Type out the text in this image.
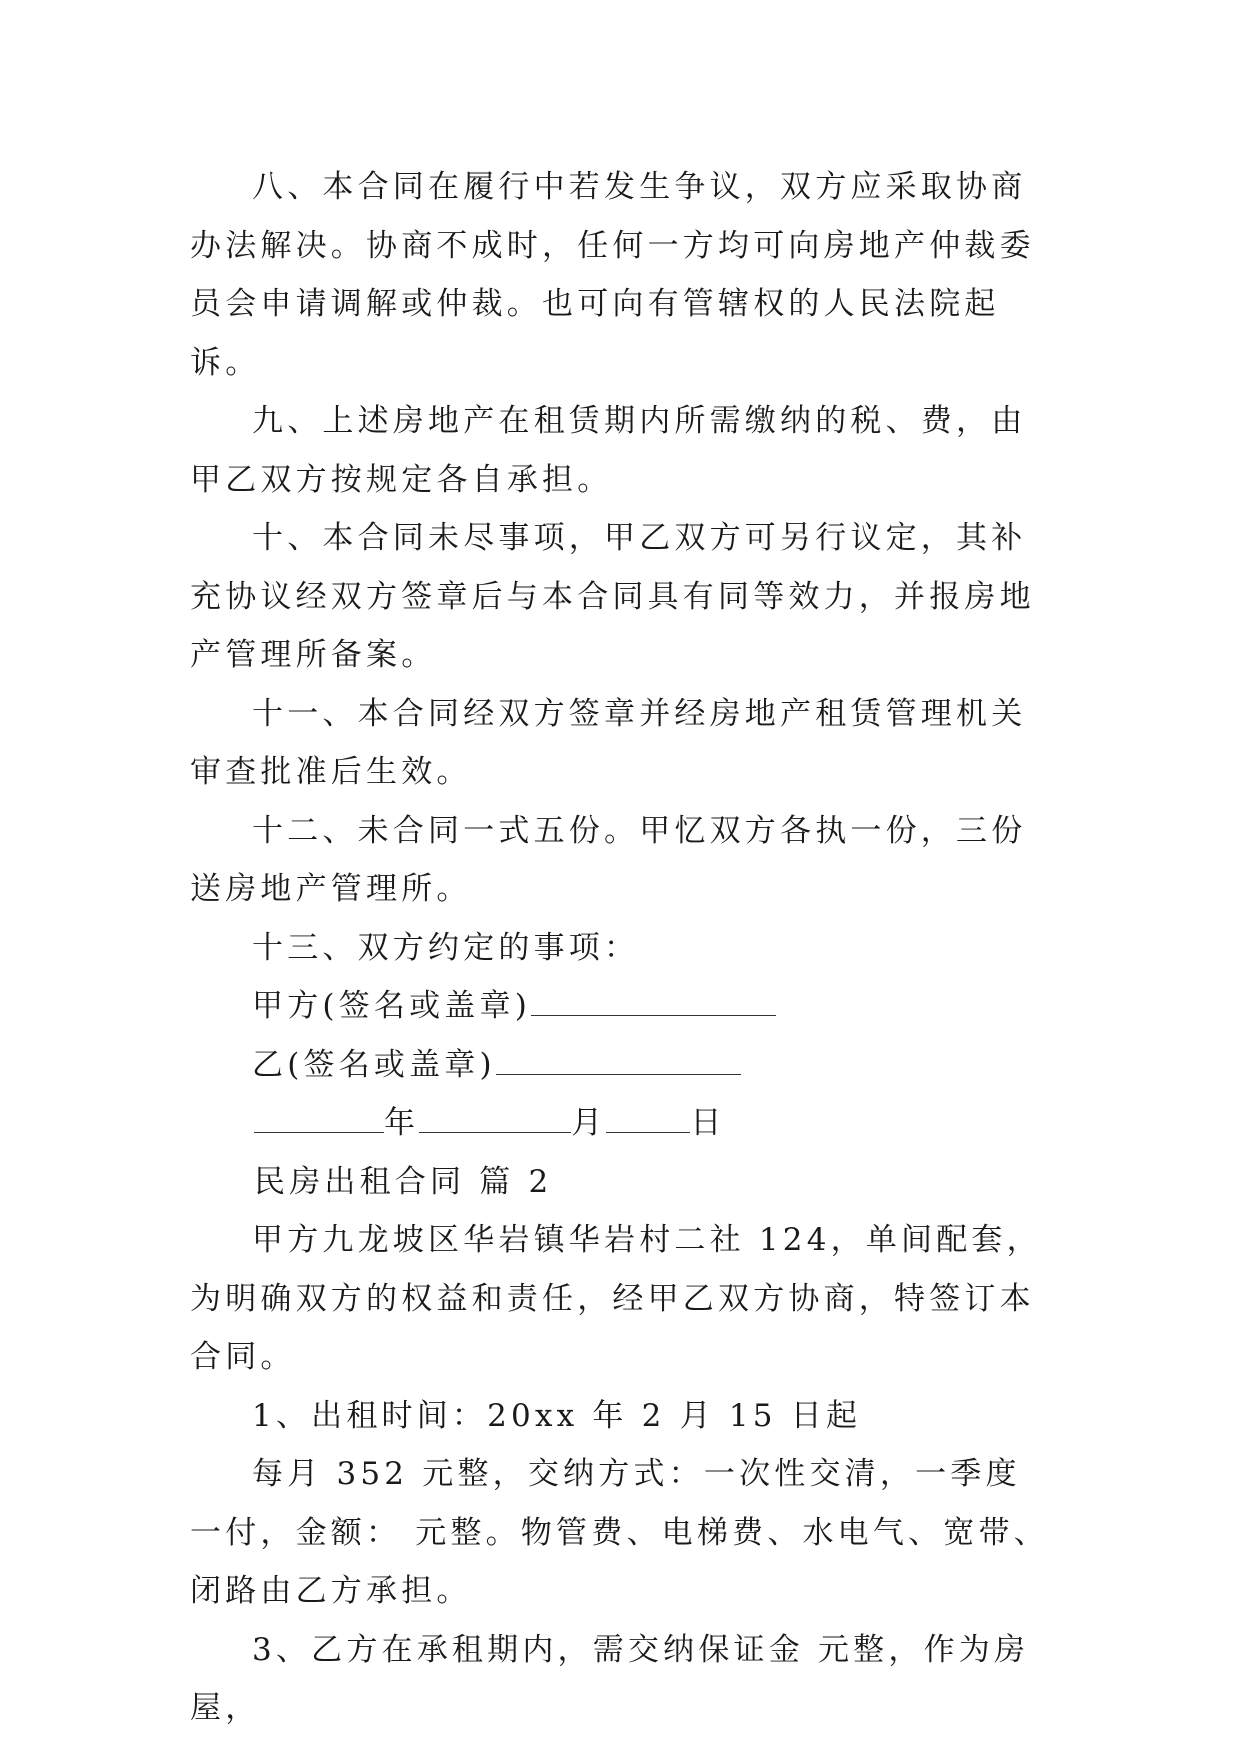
八、本合同在履行中若发生争议，双方应采取协商办法解决。协商不成时，任何一方均可向房地产仲裁委员会申请调解或仲裁。也可向有管辖权的人民法院起诉。

九、上述房地产在租赁期内所需缴纳的税、费，由甲乙双方按规定各自承担。

十、本合同未尽事项，甲乙双方可另行议定，其补充协议经双方签章后与本合同具有同等效力，并报房地产管理所备案。

十一、本合同经双方签章并经房地产租赁管理机关审查批准后生效。

十二、未合同一式五份。甲忆双方各执一份，三份送房地产管理所。

十三、双方约定的事项：

甲方(签名或盖章)

乙(签名或盖章)

年	月	日

民房出租合同 篇 2

甲方九龙坡区华岩镇华岩村二社 124，单间配套，为明确双方的权益和责任，经甲乙双方协商，特签订本合同。

1、出租时间：20xx 年 2 月 15 日起

每月 352 元整，交纳方式：一次性交清，一季度一付，金额： 元整。物管费、电梯费、水电气、宽带、闭路由乙方承担。

3、乙方在承租期内，需交纳保证金 元整，作为房屋，
